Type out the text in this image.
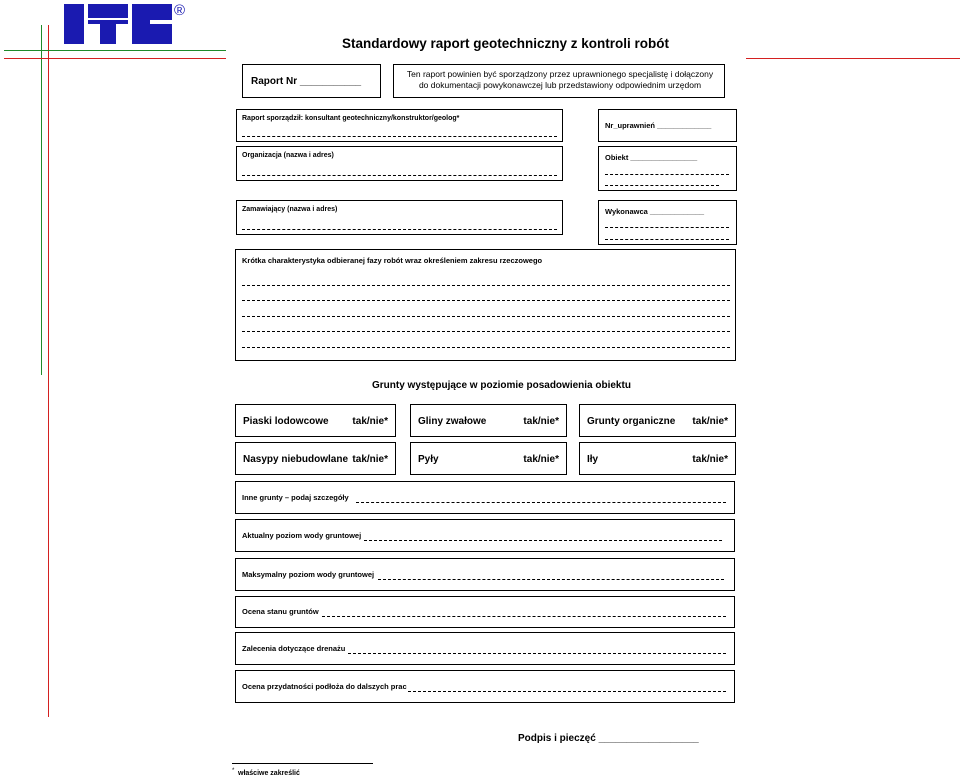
®
Standardowy raport geotechniczny z kontroli robót
Raport Nr ___________
Ten raport powinien być sporządzony przez uprawnionego specjalistę i dołączony do dokumentacji powykonawczej lub przedstawiony odpowiednim urzędom
Raport sporządził: konsultant geotechniczny/konstruktor/geolog*
Nr_uprawnień _____________
Organizacja (nazwa i adres)	Obiekt ________________
Zamawiający (nazwa i adres)	Wykonawca _____________
Krótka charakterystyka odbieranej fazy robót wraz określeniem zakresu rzeczowego
Grunty występujące w poziomie posadowienia obiektu
Piaski lodowcowe tak/nie*	Gliny zwałowe	tak/nie*	Grunty organiczne tak/nie*
Nasypy niebudowlane tak/nie*	Pyły	tak/nie*	Iły	tak/nie*
Inne grunty – podaj szczegóły
Aktualny poziom wody gruntowej
Maksymalny poziom wody gruntowej
Ocena stanu gruntów
Zalecenia dotyczące drenażu
Ocena przydatności podłoża do dalszych prac
Podpis i pieczęć __________________
* właściwe zakreślić
